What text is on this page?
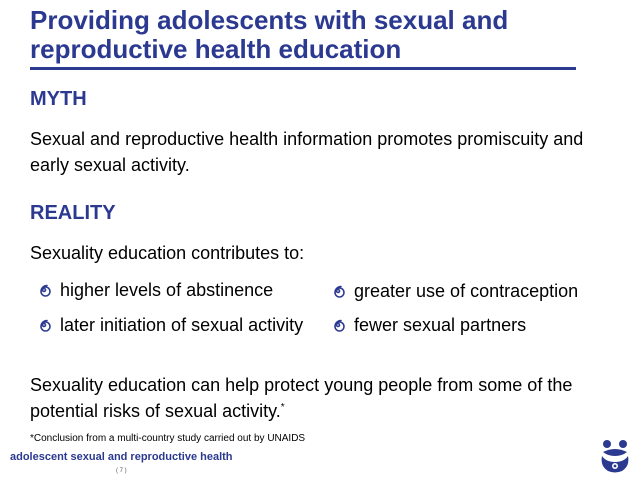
Providing adolescents with sexual and reproductive health education
MYTH

Sexual and reproductive health information promotes promiscuity and early sexual activity.

REALITY

Sexuality education contributes to:

higher levels of abstinence	greater use of contraception
later initiation of sexual activity	fewer sexual partners

Sexuality education can help protect young people from some of the potential risks of sexual activity.*

*Conclusion from a multi-country study carried out by UNAIDS

adolescent sexual and reproductive health

( 7 )
